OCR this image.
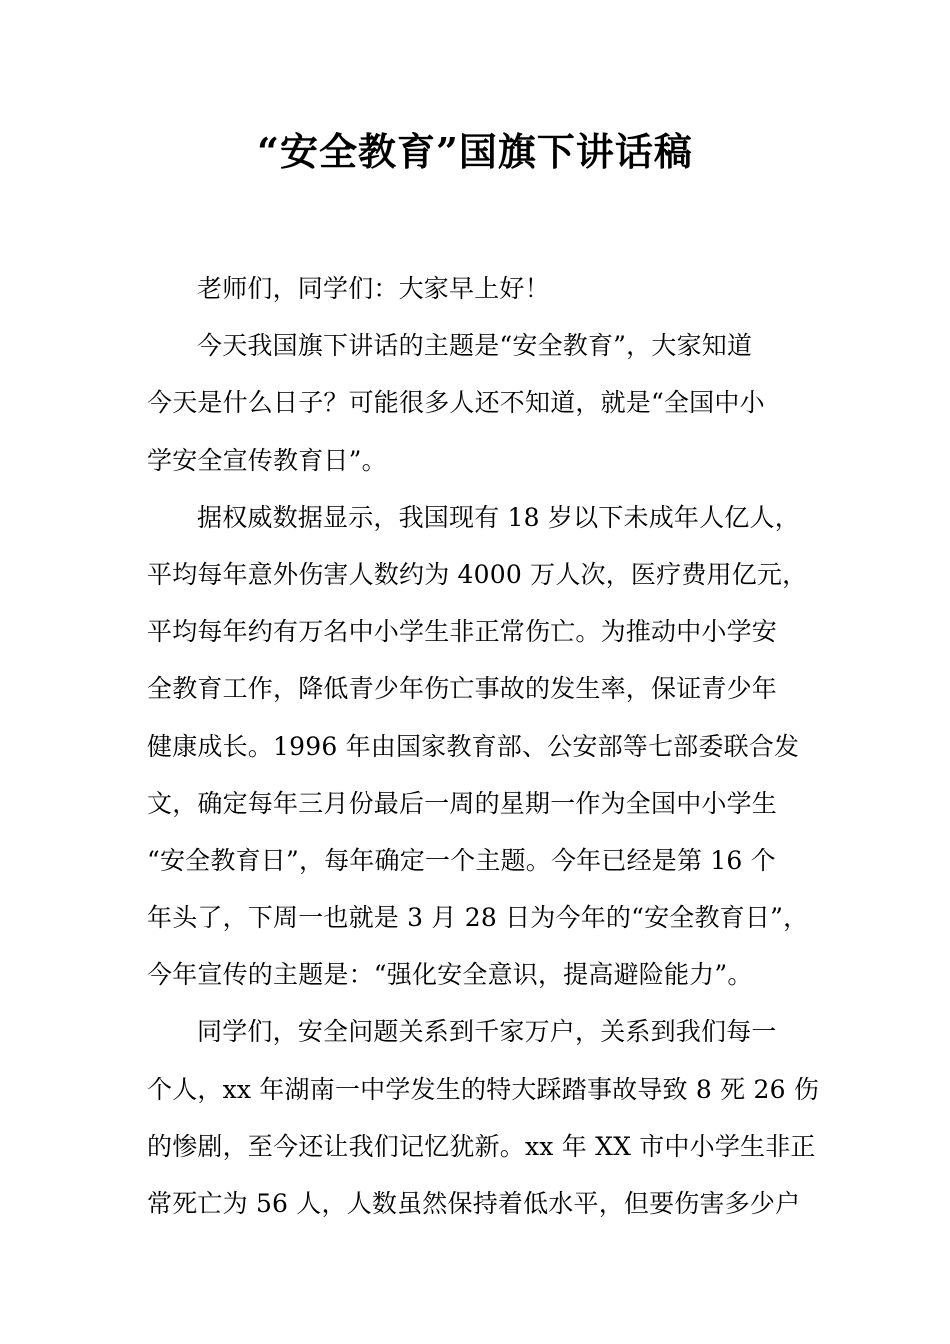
“安全教育”国旗下讲话稿
老师们，同学们：大家早上好！
今天我国旗下讲话的主题是“安全教育”，大家知道
今天是什么日子？可能很多人还不知道，就是“全国中小
学安全宣传教育日”。
据权威数据显示，我国现有 18 岁以下未成年人亿人，
平均每年意外伤害人数约为 4000 万人次，医疗费用亿元，
平均每年约有万名中小学生非正常伤亡。为推动中小学安
全教育工作，降低青少年伤亡事故的发生率，保证青少年
健康成长。1996 年由国家教育部、公安部等七部委联合发
文，确定每年三月份最后一周的星期一作为全国中小学生
“安全教育日”，每年确定一个主题。今年已经是第 16 个
年头了，下周一也就是 3 月 28 日为今年的“安全教育日”，
今年宣传的主题是：“强化安全意识，提高避险能力”。
同学们，安全问题关系到千家万户，关系到我们每一
个人，xx 年湖南一中学发生的特大踩踏事故导致 8 死 26 伤
的惨剧，至今还让我们记忆犹新。xx 年 XX 市中小学生非正
常死亡为 56 人，人数虽然保持着低水平，但要伤害多少户
